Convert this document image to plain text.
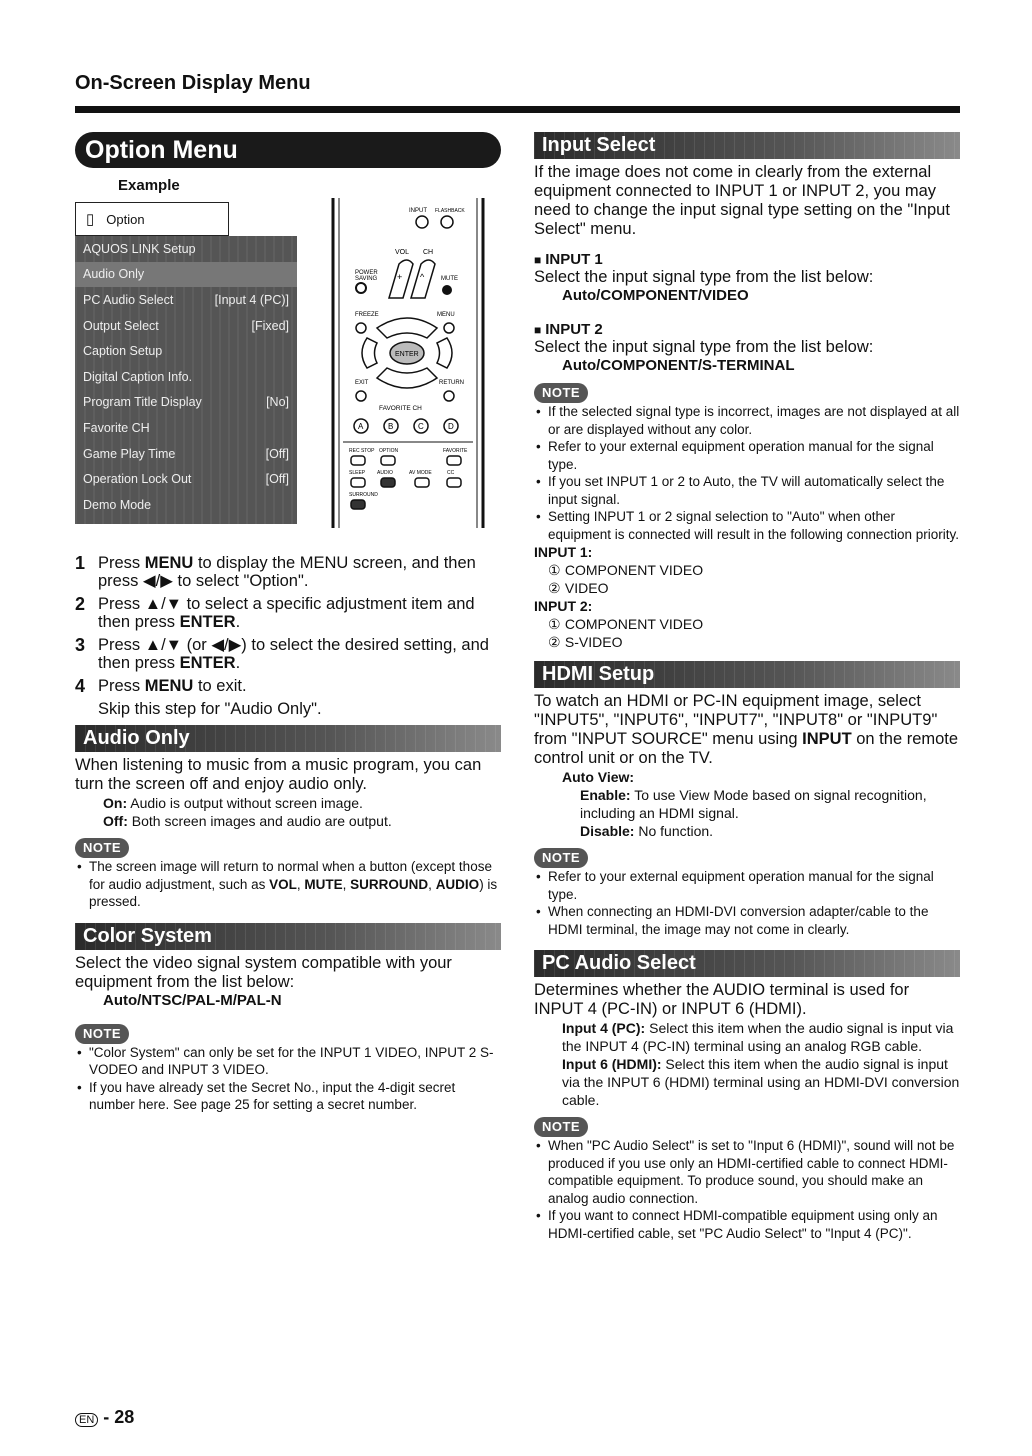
On-Screen Display Menu
Option Menu
Example
▯ Option
AQUOS LINK Setup
Audio Only
PC Audio Select	[Input 4 (PC)]
Output Select	[Fixed]
Caption Setup
Digital Caption Info.
Program Title Display	[No]
Favorite CH
Game Play Time	[Off]
Operation Lock Out	[Off]
Demo Mode
INPUT FLASHBACK
VOL CH
+ ^
POWER
SAVING	MUTE
FREEZE	MENU
ENTER
EXIT	RETURN
FAVORITE CH
A	B	C	D
REC STOP OPTION	FAVORITE
SLEEP AUDIO	AV MODE	CC
SURROUND
1 Press MENU to display the MENU screen, and then press ◀/▶ to select "Option".
2 Press ▲/▼ to select a specific adjustment item and then press ENTER.
3 Press ▲/▼ (or ◀/▶) to select the desired setting, and then press ENTER.
4 Press MENU to exit.
Skip this step for "Audio Only".
Audio Only
When listening to music from a music program, you can turn the screen off and enjoy audio only.
On: Audio is output without screen image.
Off: Both screen images and audio are output.
NOTE
• The screen image will return to normal when a button (except those for audio adjustment, such as VOL, MUTE, SURROUND, AUDIO) is pressed.
Color System
Select the video signal system compatible with your equipment from the list below:
Auto/NTSC/PAL-M/PAL-N
NOTE
• "Color System" can only be set for the INPUT 1 VIDEO, INPUT 2 S-VODEO and INPUT 3 VIDEO.
• If you have already set the Secret No., input the 4-digit secret number here. See page 25 for setting a secret number.
Input Select
If the image does not come in clearly from the external equipment connected to INPUT 1 or INPUT 2, you may need to change the input signal type setting on the "Input Select" menu.
■ INPUT 1
Select the input signal type from the list below:
Auto/COMPONENT/VIDEO
■ INPUT 2
Select the input signal type from the list below:
Auto/COMPONENT/S-TERMINAL
NOTE
• If the selected signal type is incorrect, images are not displayed at all or are displayed without any color.
• Refer to your external equipment operation manual for the signal type.
• If you set INPUT 1 or 2 to Auto, the TV will automatically select the input signal.
• Setting INPUT 1 or 2 signal selection to "Auto" when other equipment is connected will result in the following connection priority.
INPUT 1:
① COMPONENT VIDEO
② VIDEO
INPUT 2:
① COMPONENT VIDEO
② S-VIDEO
HDMI Setup
To watch an HDMI or PC-IN equipment image, select "INPUT5", "INPUT6", "INPUT7", "INPUT8" or "INPUT9" from "INPUT SOURCE" menu using INPUT on the remote control unit or on the TV.
Auto View:
Enable: To use View Mode based on signal recognition, including an HDMI signal.
Disable: No function.
NOTE
• Refer to your external equipment operation manual for the signal type.
• When connecting an HDMI-DVI conversion adapter/cable to the HDMI terminal, the image may not come in clearly.
PC Audio Select
Determines whether the AUDIO terminal is used for INPUT 4 (PC-IN) or INPUT 6 (HDMI).
Input 4 (PC): Select this item when the audio signal is input via the INPUT 4 (PC-IN) terminal using an analog RGB cable.
Input 6 (HDMI): Select this item when the audio signal is input via the INPUT 6 (HDMI) terminal using an HDMI-DVI conversion cable.
NOTE
• When "PC Audio Select" is set to "Input 6 (HDMI)", sound will not be produced if you use only an HDMI-certified cable to connect HDMI-compatible equipment. To produce sound, you should make an analog audio connection.
• If you want to connect HDMI-compatible equipment using only an HDMI-certified cable, set "PC Audio Select" to "Input 4 (PC)".
EN - 28
